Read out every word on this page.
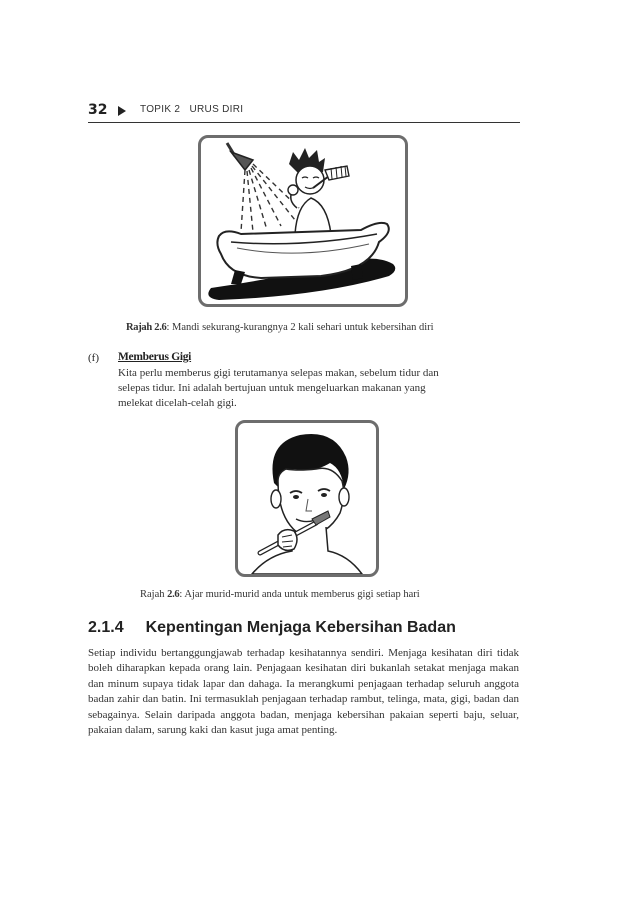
32	TOPIK 2 URUS DIRI
Rajah 2.6: Mandi sekurang-kurangnya 2 kali sehari untuk kebersihan diri
(f) Memberus Gigi
Kita perlu memberus gigi terutamanya selepas makan, sebelum tidur dan
selepas tidur. Ini adalah bertujuan untuk mengeluarkan makanan yang
melekat dicelah-celah gigi.
Rajah 2.6: Ajar murid-murid anda untuk memberus gigi setiap hari
2.1.4 Kepentingan Menjaga Kebersihan Badan
Setiap individu bertanggungjawab terhadap kesihatannya sendiri. Menjaga kesihatan diri tidak boleh diharapkan kepada orang lain. Penjagaan kesihatan diri bukanlah setakat menjaga makan dan minum supaya tidak lapar dan dahaga. Ia merangkumi penjagaan terhadap seluruh anggota badan zahir dan batin. Ini termasuklah penjagaan terhadap rambut, telinga, mata, gigi, badan dan sebagainya. Selain daripada anggota badan, menjaga kebersihan pakaian seperti baju, seluar, pakaian dalam, sarung kaki dan kasut juga amat penting.
